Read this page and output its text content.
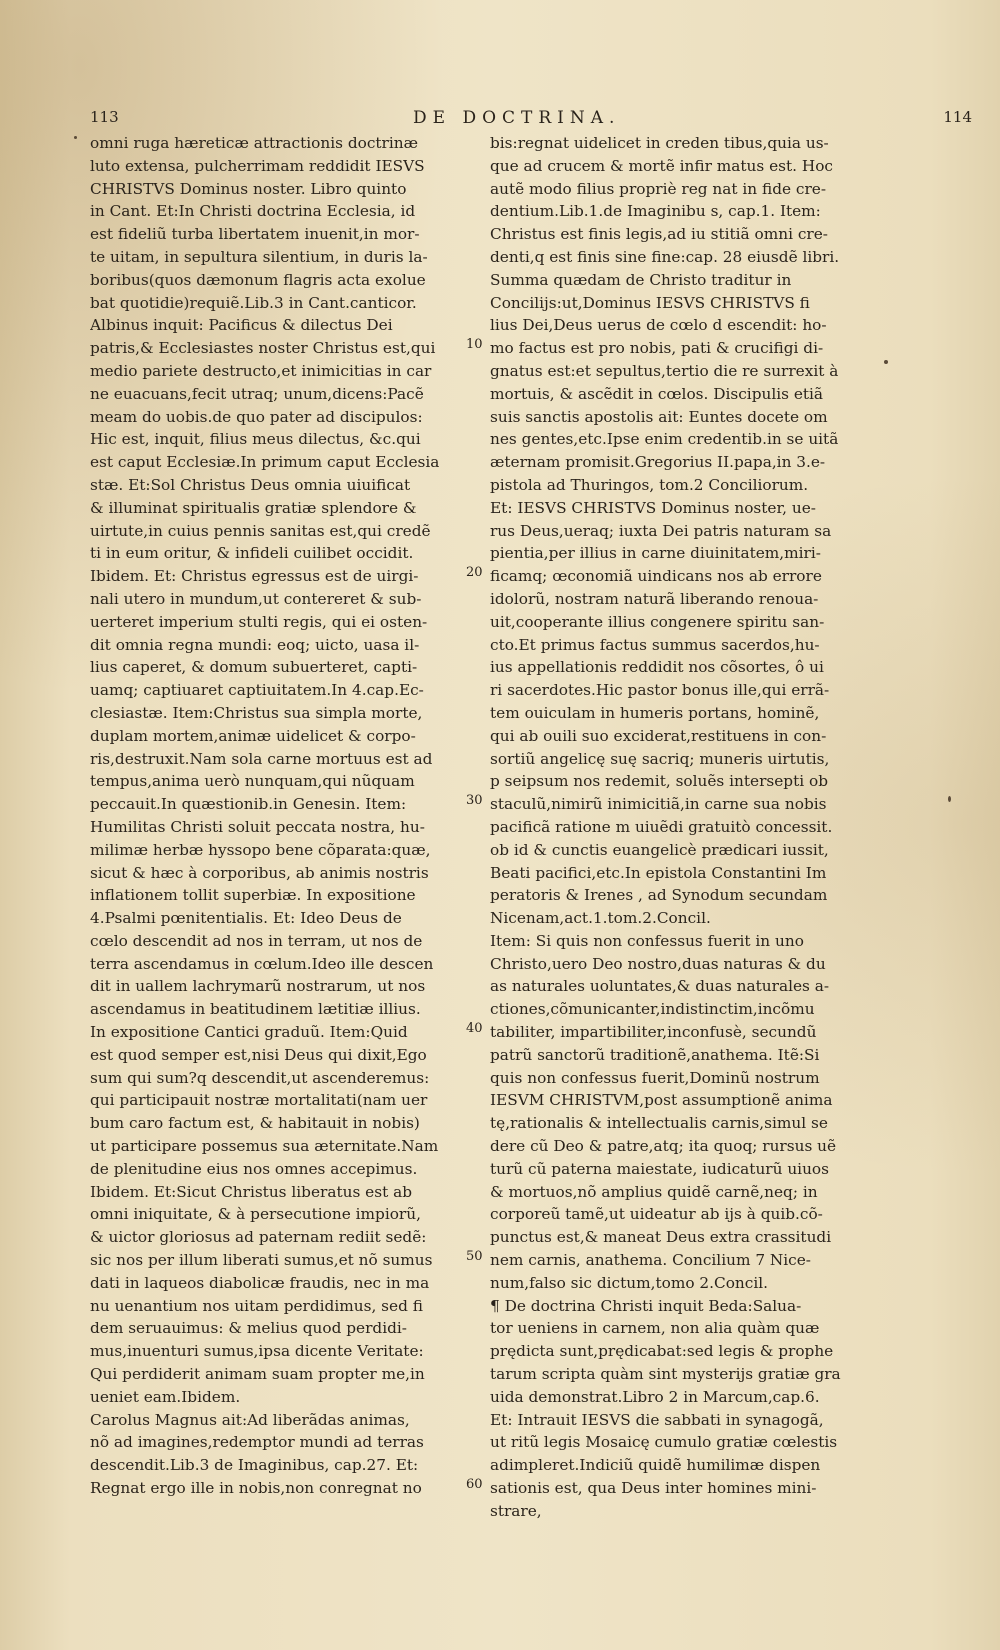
113	DE DOCTRINA.	114
omni ruga hæreticæ attractionis doctrinæ
luto extensa, pulcherrimam reddidit IESVS
CHRISTVS Dominus noster. Libro quinto
in Cant. Et:In Christi doctrina Ecclesia, id
est fideliũ turba libertatem inuenit,in mor-
te uitam, in sepultura silentium, in duris la-
boribus(quos dæmonum flagris acta exolue
bat quotidie)requiẽ.Lib.3 in Cant.canticor.
Albinus inquit: Pacificus & dilectus Dei
patris,& Ecclesiastes noster Christus est,qui
medio pariete destructo,et inimicitias in car
ne euacuans,fecit utraq; unum,dicens:Pacẽ
meam do uobis.de quo pater ad discipulos:
Hic est, inquit, filius meus dilectus, &c.qui
est caput Ecclesiæ.In primum caput Ecclesia
stæ. Et:Sol Christus Deus omnia uiuificat
& illuminat spiritualis gratiæ splendore &
uirtute,in cuius pennis sanitas est,qui credẽ
ti in eum oritur, & infideli cuilibet occidit.
Ibidem. Et: Christus egressus est de uirgi-
nali utero in mundum,ut contereret & sub-
uerteret imperium stulti regis, qui ei osten-
dit omnia regna mundi: eoq; uicto, uasa il-
lius caperet, & domum subuerteret, capti-
uamq; captiuaret captiuitatem.In 4.cap.Ec-
clesiastæ. Item:Christus sua simpla morte,
duplam mortem,animæ uidelicet & corpo-
ris,destruxit.Nam sola carne mortuus est ad
tempus,anima uerò nunquam,qui nũquam
peccauit.In quæstionib.in Genesin. Item:
Humilitas Christi soluit peccata nostra, hu-
milimæ herbæ hyssopo bene cõparata:quæ,
sicut & hæc à corporibus, ab animis nostris
inflationem tollit superbiæ. In expositione
4.Psalmi pœnitentialis. Et: Ideo Deus de
cœlo descendit ad nos in terram, ut nos de
terra ascendamus in cœlum.Ideo ille descen
dit in uallem lachrymarũ nostrarum, ut nos
ascendamus in beatitudinem lætitiæ illius.
In expositione Cantici graduũ. Item:Quid
est quod semper est,nisi Deus qui dixit,Ego
sum qui sum?q descendit,ut ascenderemus:
qui participauit nostræ mortalitati(nam uer
bum caro factum est, & habitauit in nobis)
ut participare possemus sua æternitate.Nam
de plenitudine eius nos omnes accepimus.
Ibidem. Et:Sicut Christus liberatus est ab
omni iniquitate, & à persecutione impiorũ,
& uictor gloriosus ad paternam rediit sedẽ:
sic nos per illum liberati sumus,et nõ sumus
dati in laqueos diabolicæ fraudis, nec in ma
nu uenantium nos uitam perdidimus, sed fi
dem seruauimus: & melius quod perdidi-
mus,inuenturi sumus,ipsa dicente Veritate:
Qui perdiderit animam suam propter me,in
ueniet eam.Ibidem.
Carolus Magnus ait:Ad liberãdas animas,
nõ ad imagines,redemptor mundi ad terras
descendit.Lib.3 de Imaginibus, cap.27. Et:
Regnat ergo ille in nobis,non conregnat no
10
20
30
40
50
60
bis:regnat uidelicet in creden tibus,quia us-
que ad crucem & mortẽ infir matus est. Hoc
autẽ modo filius propriè reg nat in fide cre-
dentium.Lib.1.de Imaginibu s, cap.1. Item:
Christus est finis legis,ad iu stitiã omni cre-
denti,q est finis sine fine:cap. 28 eiusdẽ libri.
Summa quædam de Christo traditur in
Concilijs:ut,Dominus IESVS CHRISTVS fi
lius Dei,Deus uerus de cœlo d escendit: ho-
mo factus est pro nobis, pati & crucifigi di-
gnatus est:et sepultus,tertio die re surrexit à
mortuis, & ascẽdit in cœlos. Discipulis etiã
suis sanctis apostolis ait: Euntes docete om
nes gentes,etc.Ipse enim credentib.in se uitã
æternam promisit.Gregorius II.papa,in 3.e-
pistola ad Thuringos, tom.2 Conciliorum.
Et: IESVS CHRISTVS Dominus noster, ue-
rus Deus,ueraq; iuxta Dei patris naturam sa
pientia,per illius in carne diuinitatem,miri-
ficamq; œconomiã uindicans nos ab errore
idolorũ, nostram naturã liberando renoua-
uit,cooperante illius congenere spiritu san-
cto.Et primus factus summus sacerdos,hu-
ius appellationis reddidit nos cõsortes, ô ui
ri sacerdotes.Hic pastor bonus ille,qui errã-
tem ouiculam in humeris portans, hominẽ,
qui ab ouili suo exciderat,restituens in con-
sortiũ angelicę suę sacriq; muneris uirtutis,
p seipsum nos redemit, soluẽs intersepti ob
staculũ,nimirũ inimicitiã,in carne sua nobis
pacificã ratione m uiuẽdi gratuitò concessit.
ob id & cunctis euangelicè prædicari iussit,
Beati pacifici,etc.In epistola Constantini Im
peratoris & Irenes , ad Synodum secundam
Nicenam,act.1.tom.2.Concil.
Item: Si quis non confessus fuerit in uno
Christo,uero Deo nostro,duas naturas & du
as naturales uoluntates,& duas naturales a-
ctiones,cõmunicanter,indistinctim,incõmu
tabiliter, impartibiliter,inconfusè, secundũ
patrũ sanctorũ traditionẽ,anathema. Itẽ:Si
quis non confessus fuerit,Dominũ nostrum
IESVM CHRISTVM,post assumptionẽ anima
tę,rationalis & intellectualis carnis,simul se
dere cũ Deo & patre,atq; ita quoq; rursus uẽ
turũ cũ paterna maiestate, iudicaturũ uiuos
& mortuos,nõ amplius quidẽ carnẽ,neq; in
corporeũ tamẽ,ut uideatur ab ijs à quib.cõ-
punctus est,& maneat Deus extra crassitudi
nem carnis, anathema. Concilium 7 Nice-
num,falso sic dictum,tomo 2.Concil.
¶ De doctrina Christi inquit Beda:Salua-
tor ueniens in carnem, non alia quàm quæ
prędicta sunt,prędicabat:sed legis & prophe
tarum scripta quàm sint mysterijs gratiæ gra
uida demonstrat.Libro 2 in Marcum,cap.6.
Et: Intrauit IESVS die sabbati in synagogã,
ut ritũ legis Mosaicę cumulo gratiæ cœlestis
adimpleret.Indiciũ quidẽ humilimæ dispen
sationis est, qua Deus inter homines mini-
strare,
